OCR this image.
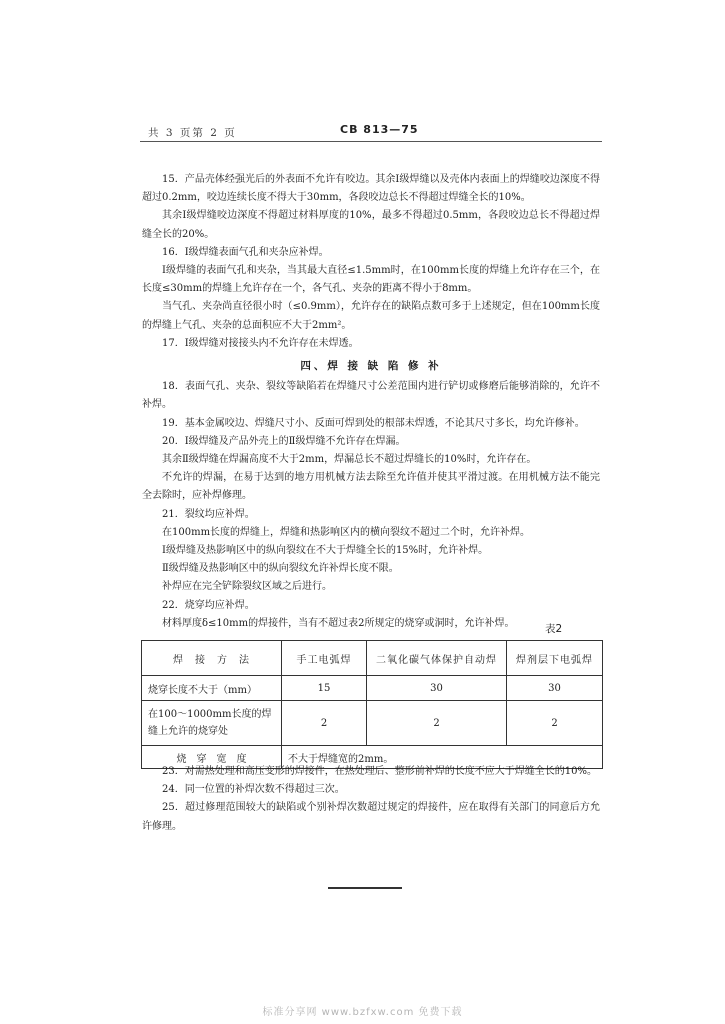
共 3 页第 2 页	CB 813—75

15．产品壳体经强光后的外表面不允许有咬边。其余Ⅰ级焊缝以及壳体内表面上的焊缝咬边深度不得超过0.2mm，咬边连续长度不得大于30mm，各段咬边总长不得超过焊缝全长的10%。

其余Ⅰ级焊缝咬边深度不得超过材料厚度的10%，最多不得超过0.5mm，各段咬边总长不得超过焊缝全长的20%。

16．Ⅰ级焊缝表面气孔和夹杂应补焊。

Ⅰ级焊缝的表面气孔和夹杂，当其最大直径≤1.5mm时，在100mm长度的焊缝上允许存在三个，在长度≤30mm的焊缝上允许存在一个，各气孔、夹杂的距离不得小于8mm。

当气孔、夹杂尚直径很小时（≤0.9mm），允许存在的缺陷点数可多于上述规定，但在100mm长度的焊缝上气孔、夹杂的总面积应不大于2mm²。

17．Ⅰ级焊缝对接接头内不允许存在未焊透。

四、焊 接 缺 陷 修 补

18．表面气孔、夹杂、裂纹等缺陷若在焊缝尺寸公差范围内进行铲切或修磨后能够消除的，允许不补焊。

19．基本金属咬边、焊缝尺寸小、反面可焊到处的根部未焊透，不论其尺寸多长，均允许修补。

20．Ⅰ级焊缝及产品外壳上的Ⅱ级焊缝不允许存在焊漏。

其余Ⅱ级焊缝在焊漏高度不大于2mm，焊漏总长不超过焊缝长的10%时，允许存在。

不允许的焊漏，在易于达到的地方用机械方法去除至允许值并使其平滑过渡。在用机械方法不能完全去除时，应补焊修理。

21．裂纹均应补焊。

在100mm长度的焊缝上，焊缝和热影响区内的横向裂纹不超过二个时，允许补焊。

Ⅰ级焊缝及热影响区中的纵向裂纹在不大于焊缝全长的15%时，允许补焊。

Ⅱ级焊缝及热影响区中的纵向裂纹允许补焊长度不限。

补焊应在完全铲除裂纹区域之后进行。

22．烧穿均应补焊。

材料厚度δ≤10mm的焊接件，当有不超过表2所规定的烧穿或洞时，允许补焊。	表2
焊　接　方　法	手工电弧焊	二氧化碳气体保护自动焊	焊剂层下电弧焊
烧穿长度不大于（mm）	15	30	30
在100～1000mm长度的焊缝上允许的烧穿处	2	2	2
烧　穿　宽　度	不大于焊缝宽的2mm。		

23．对需热处理和高压变形的焊接件，在热处理后、整形前补焊的长度不应大于焊缝全长的10%。

24．同一位置的补焊次数不得超过三次。

25．超过修理范围较大的缺陷或个别补焊次数超过规定的焊接件，应在取得有关部门的同意后方允许修理。

标准分享网 www.bzfxw.com 免费下载
